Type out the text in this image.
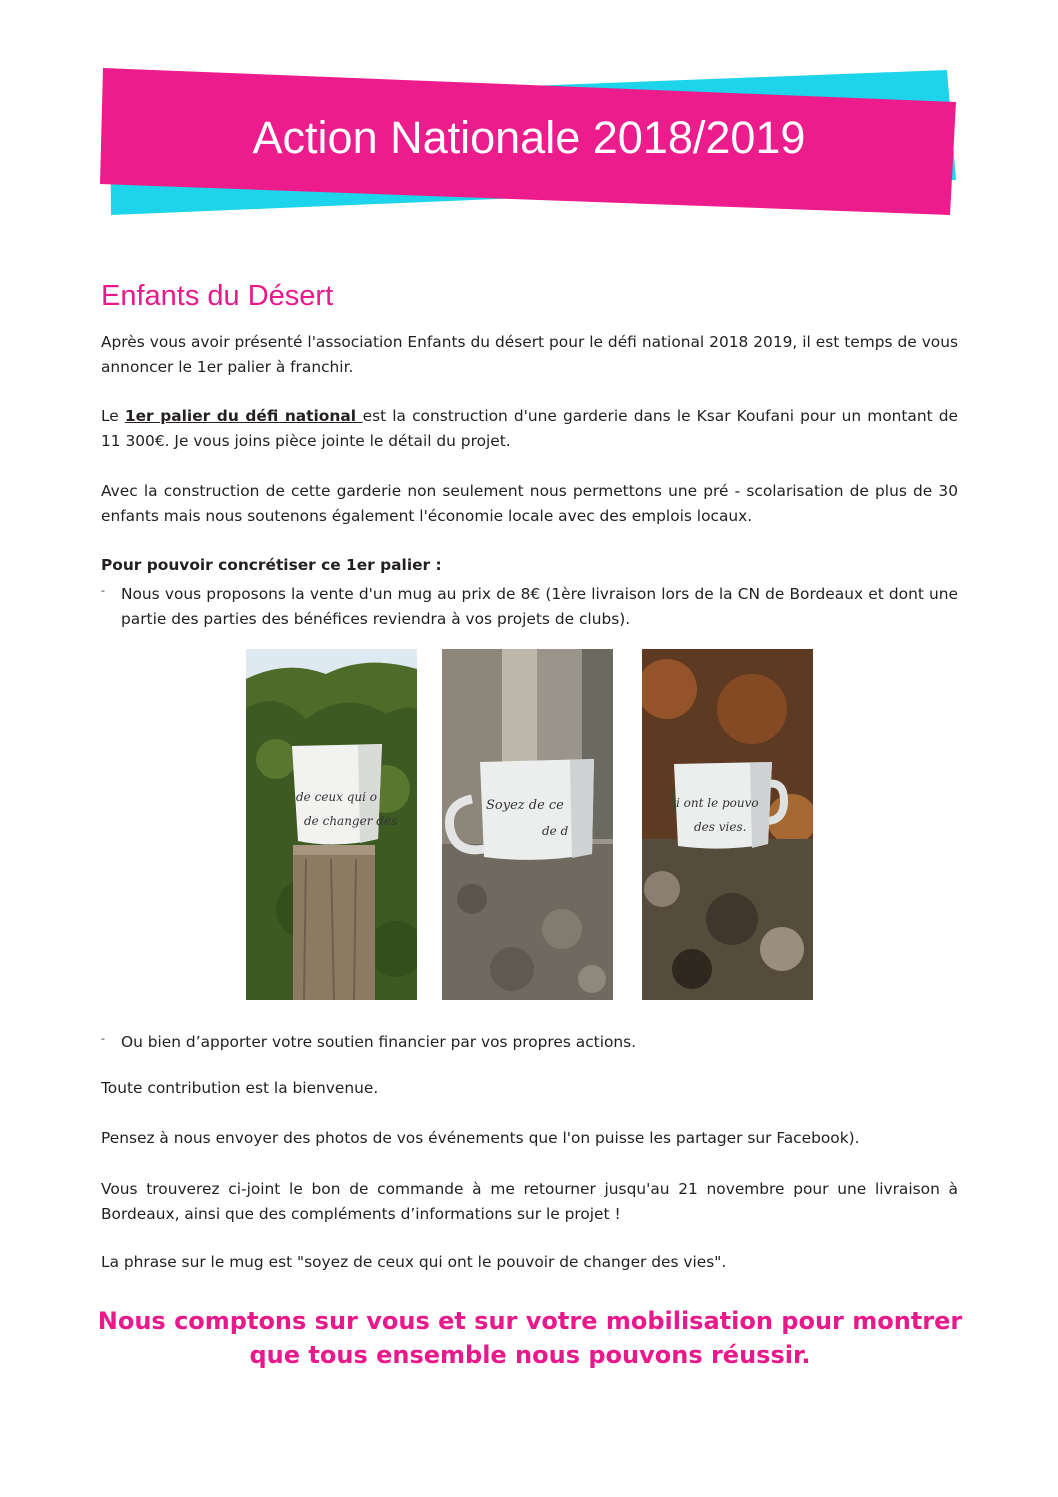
Action Nationale 2018/2019
Enfants du Désert

Après vous avoir présenté l'association Enfants du désert pour le défi national 2018 2019, il est temps de vous annoncer le 1er palier à franchir.

Le 1er palier du défi national est la construction d'une garderie dans le Ksar Koufani pour un montant de 11 300€. Je vous joins pièce jointe le détail du projet.

Avec la construction de cette garderie non seulement nous permettons une pré - scolarisation de plus de 30 enfants mais nous soutenons également l'économie locale avec des emplois locaux.

Pour pouvoir concrétiser ce 1er palier :

- Nous vous proposons la vente d'un mug au prix de 8€ (1ère livraison lors de la CN de Bordeaux et dont une partie des parties des bénéfices reviendra à vos projets de clubs).

de ceux qui o
de changer des
Soyez de ce
de d
i ont le pouvo
des vies.

- Ou bien d’apporter votre soutien financier par vos propres actions.

Toute contribution est la bienvenue.

Pensez à nous envoyer des photos de vos événements que l'on puisse les partager sur Facebook).

Vous trouverez ci-joint le bon de commande à me retourner jusqu'au 21 novembre pour une livraison à Bordeaux, ainsi que des compléments d’informations sur le projet !

La phrase sur le mug est "soyez de ceux qui ont le pouvoir de changer des vies".

Nous comptons sur vous et sur votre mobilisation pour montrer
que tous ensemble nous pouvons réussir.
